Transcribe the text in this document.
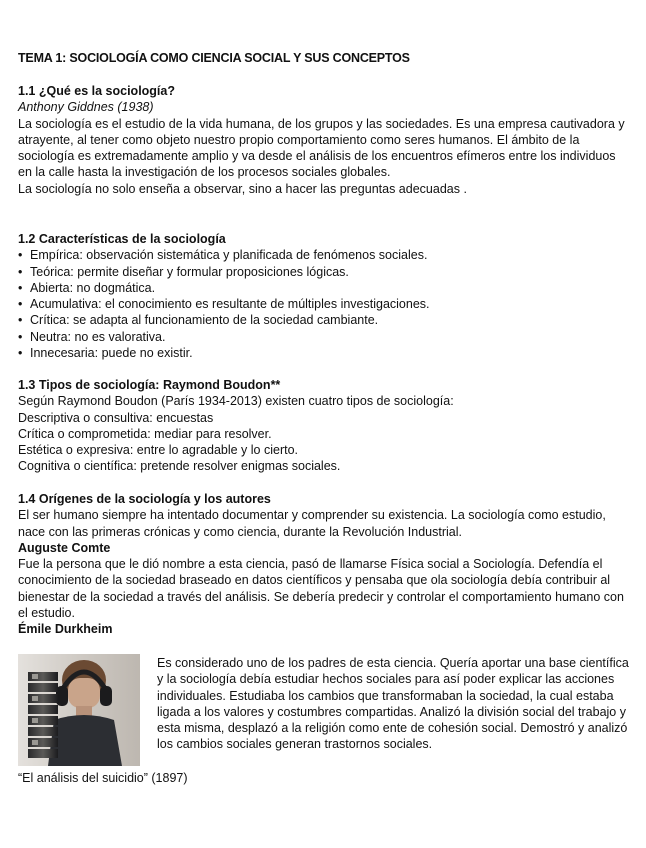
TEMA 1: SOCIOLOGÍA COMO CIENCIA SOCIAL Y SUS CONCEPTOS
1.1 ¿Qué es la sociología?

Anthony Giddnes (1938)

La sociología es el estudio de la vida humana, de los grupos y las sociedades. Es una empresa cautivadora y atrayente, al tener como objeto nuestro propio comportamiento como seres humanos. El ámbito de la sociología es extremadamente amplio y va desde el análisis de los encuentros efímeros entre los individuos en la calle hasta la investigación de los procesos sociales globales.

La sociología no solo enseña a observar, sino a hacer las preguntas adecuadas .

1.2 Características de la sociología
• Empírica: observación sistemática y planificada de fenómenos sociales.
• Teórica: permite diseñar y formular proposiciones lógicas.
• Abierta: no dogmática.
• Acumulativa: el conocimiento es resultante de múltiples investigaciones.
• Crítica: se adapta al funcionamiento de la sociedad cambiante.
• Neutra: no es valorativa.
• Innecesaria: puede no existir.
1.3 Tipos de sociología: Raymond Boudon**

Según Raymond Boudon (París 1934-2013) existen cuatro tipos de sociología:

Descriptiva o consultiva: encuestas

Crítica o comprometida: mediar para resolver.

Estética o expresiva: entre lo agradable y lo cierto.

Cognitiva o científica: pretende resolver enigmas sociales.

1.4 Orígenes de la sociología y los autores

El ser humano siempre ha intentado documentar y comprender su existencia. La sociología como estudio, nace con las primeras crónicas y como ciencia, durante la Revolución Industrial.

Auguste Comte

Fue la persona que le dió nombre a esta ciencia, pasó de llamarse Física social a Sociología. Defendía el conocimiento de la sociedad braseado en datos científicos y pensaba que ola sociología debía contribuir al bienestar de la sociedad a través del análisis. Se debería predecir y controlar el comportamiento humano con el estudio.

Émile Durkheim

Es considerado uno de los padres de esta ciencia. Quería aportar una base científica y la sociología debía estudiar hechos sociales para así poder explicar las acciones individuales. Estudiaba los cambios que transformaban la sociedad, la cual estaba ligada a los valores y costumbres compartidas. Analizó la división social del trabajo y esta misma, desplazó a la religión como ente de cohesión social. Demostró y analizó los cambios sociales generan trastornos sociales.

“El análisis del suicidio” (1897)
